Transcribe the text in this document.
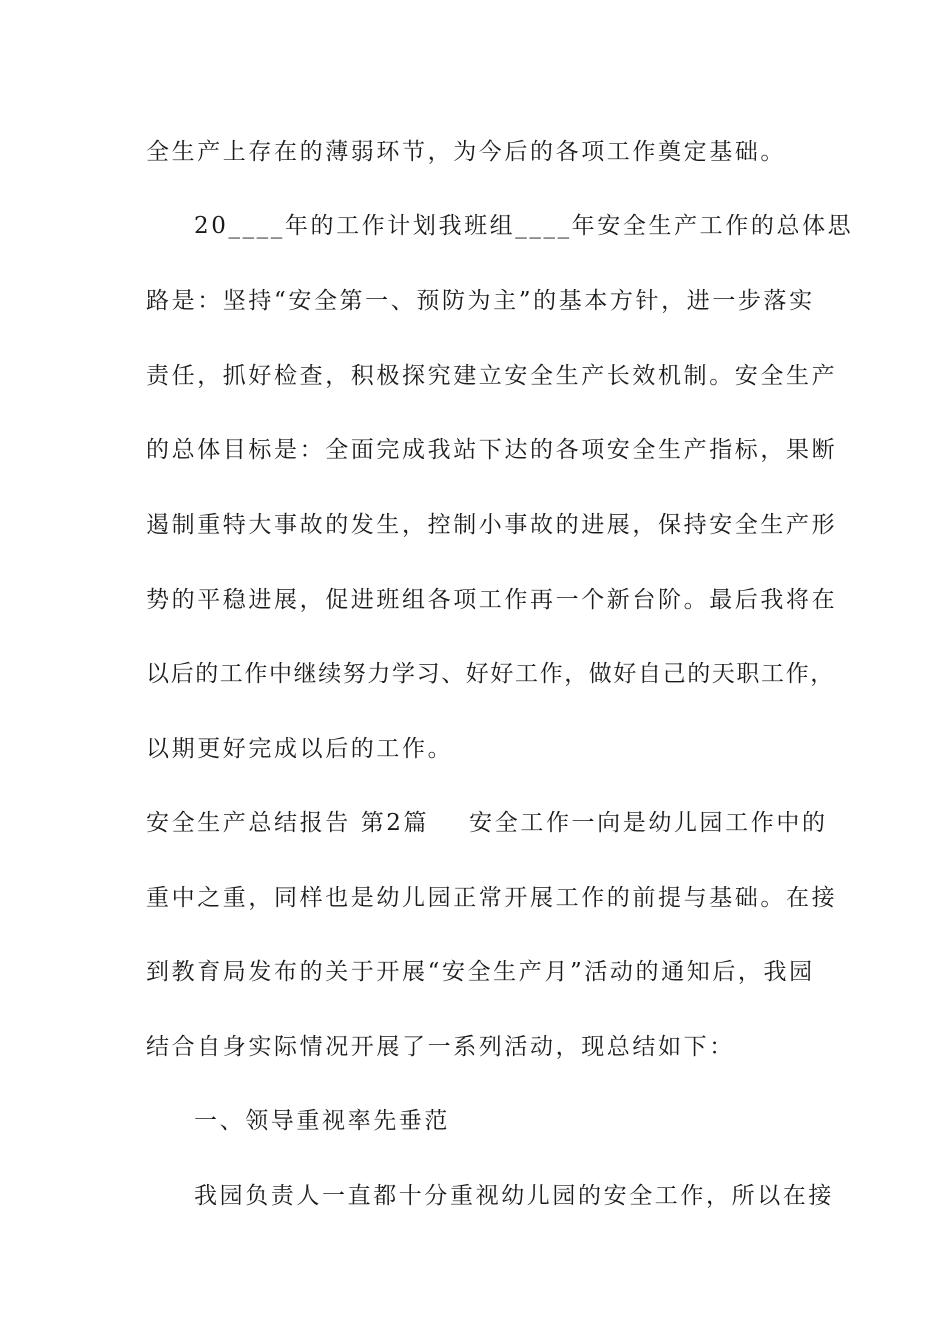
全生产上存在的薄弱环节，为今后的各项工作奠定基础。
20____年的工作计划我班组____年安全生产工作的总体思
路是：坚持“安全第一、预防为主”的基本方针，进一步落实
责任，抓好检查，积极探究建立安全生产长效机制。安全生产
的总体目标是：全面完成我站下达的各项安全生产指标，果断
遏制重特大事故的发生，控制小事故的进展，保持安全生产形
势的平稳进展，促进班组各项工作再一个新台阶。最后我将在
以后的工作中继续努力学习、好好工作，做好自己的天职工作，
以期更好完成以后的工作。
安全生产总结报告 第2篇 安全工作一向是幼儿园工作中的
重中之重，同样也是幼儿园正常开展工作的前提与基础。在接
到教育局发布的关于开展“安全生产月”活动的通知后，我园
结合自身实际情况开展了一系列活动，现总结如下：
一、领导重视率先垂范
我园负责人一直都十分重视幼儿园的安全工作，所以在接
